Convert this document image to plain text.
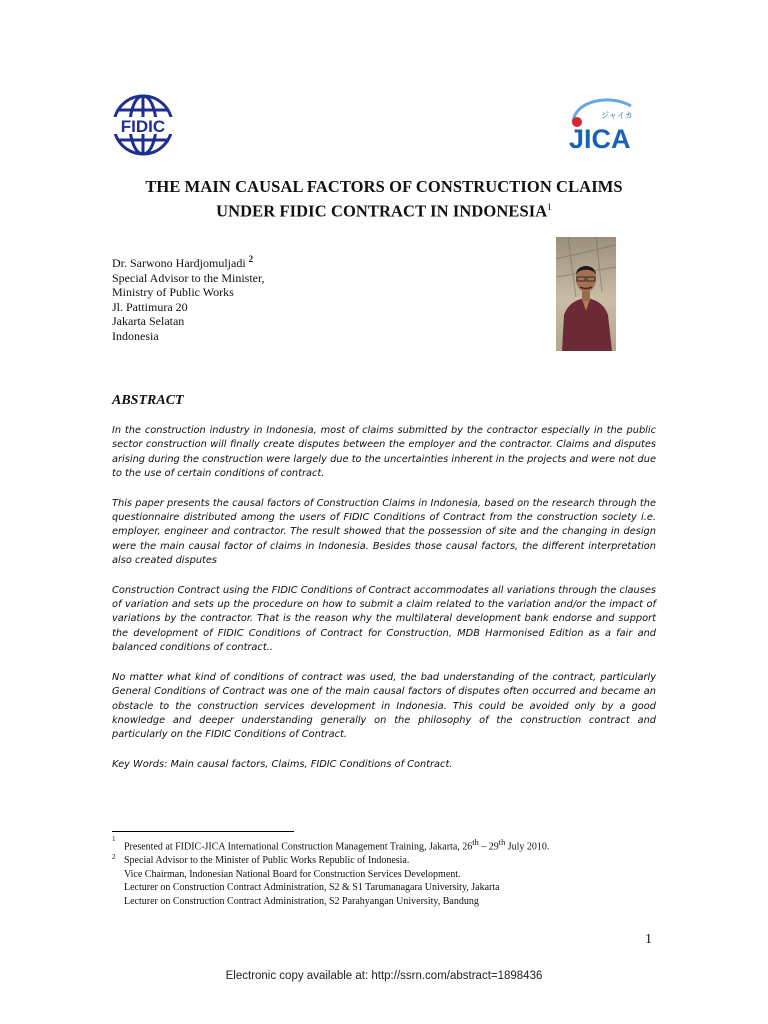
FIDIC
ジャイカ
JICA
THE MAIN CAUSAL FACTORS OF CONSTRUCTION CLAIMS
UNDER FIDIC CONTRACT IN INDONESIA$^1$
Dr. Sarwono Hardjomuljadi $^2$
Special Advisor to the Minister,
Ministry of Public Works
Jl. Pattimura 20
Jakarta Selatan
Indonesia
ABSTRACT

In the construction industry in Indonesia, most of claims submitted by the contractor especially in the public sector construction will finally create disputes between the employer and the contractor. Claims and disputes arising during the construction were largely due to the uncertainties inherent in the projects and were not due to the use of certain conditions of contract.

This paper presents the causal factors of Construction Claims in Indonesia, based on the research through the questionnaire distributed among the users of FIDIC Conditions of Contract from the construction society i.e. employer, engineer and contractor. The result showed that the possession of site and the changing in design were the main causal factor of claims in Indonesia. Besides those causal factors, the different interpretation also created disputes

Construction Contract using the FIDIC Conditions of Contract accommodates all variations through the clauses of variation and sets up the procedure on how to submit a claim related to the variation and/or the impact of variations by the contractor. That is the reason why the multilateral development bank endorse and support the development of FIDIC Conditions of Contract for Construction, MDB Harmonised Edition as a fair and balanced conditions of contract..

No matter what kind of conditions of contract was used, the bad understanding of the contract, particularly General Conditions of Contract was one of the main causal factors of disputes often occurred and became an obstacle to the construction services development in Indonesia. This could be avoided only by a good knowledge and deeper understanding generally on the philosophy of the construction contract and particularly on the FIDIC Conditions of Contract.

Key Words: Main causal factors, Claims, FIDIC Conditions of Contract.

1
Presented at FIDIC-JICA International Construction Management Training, Jakarta, 26th – 29th July 2010.
2 Special Advisor to the Minister of Public Works Republic of Indonesia.
Vice Chairman, Indonesian National Board for Construction Services Development.
Lecturer on Construction Contract Administration, S2 & S1 Tarumanagara University, Jakarta
Lecturer on Construction Contract Administration, S2 Parahyangan University, Bandung
1
Electronic copy available at: http://ssrn.com/abstract=1898436
